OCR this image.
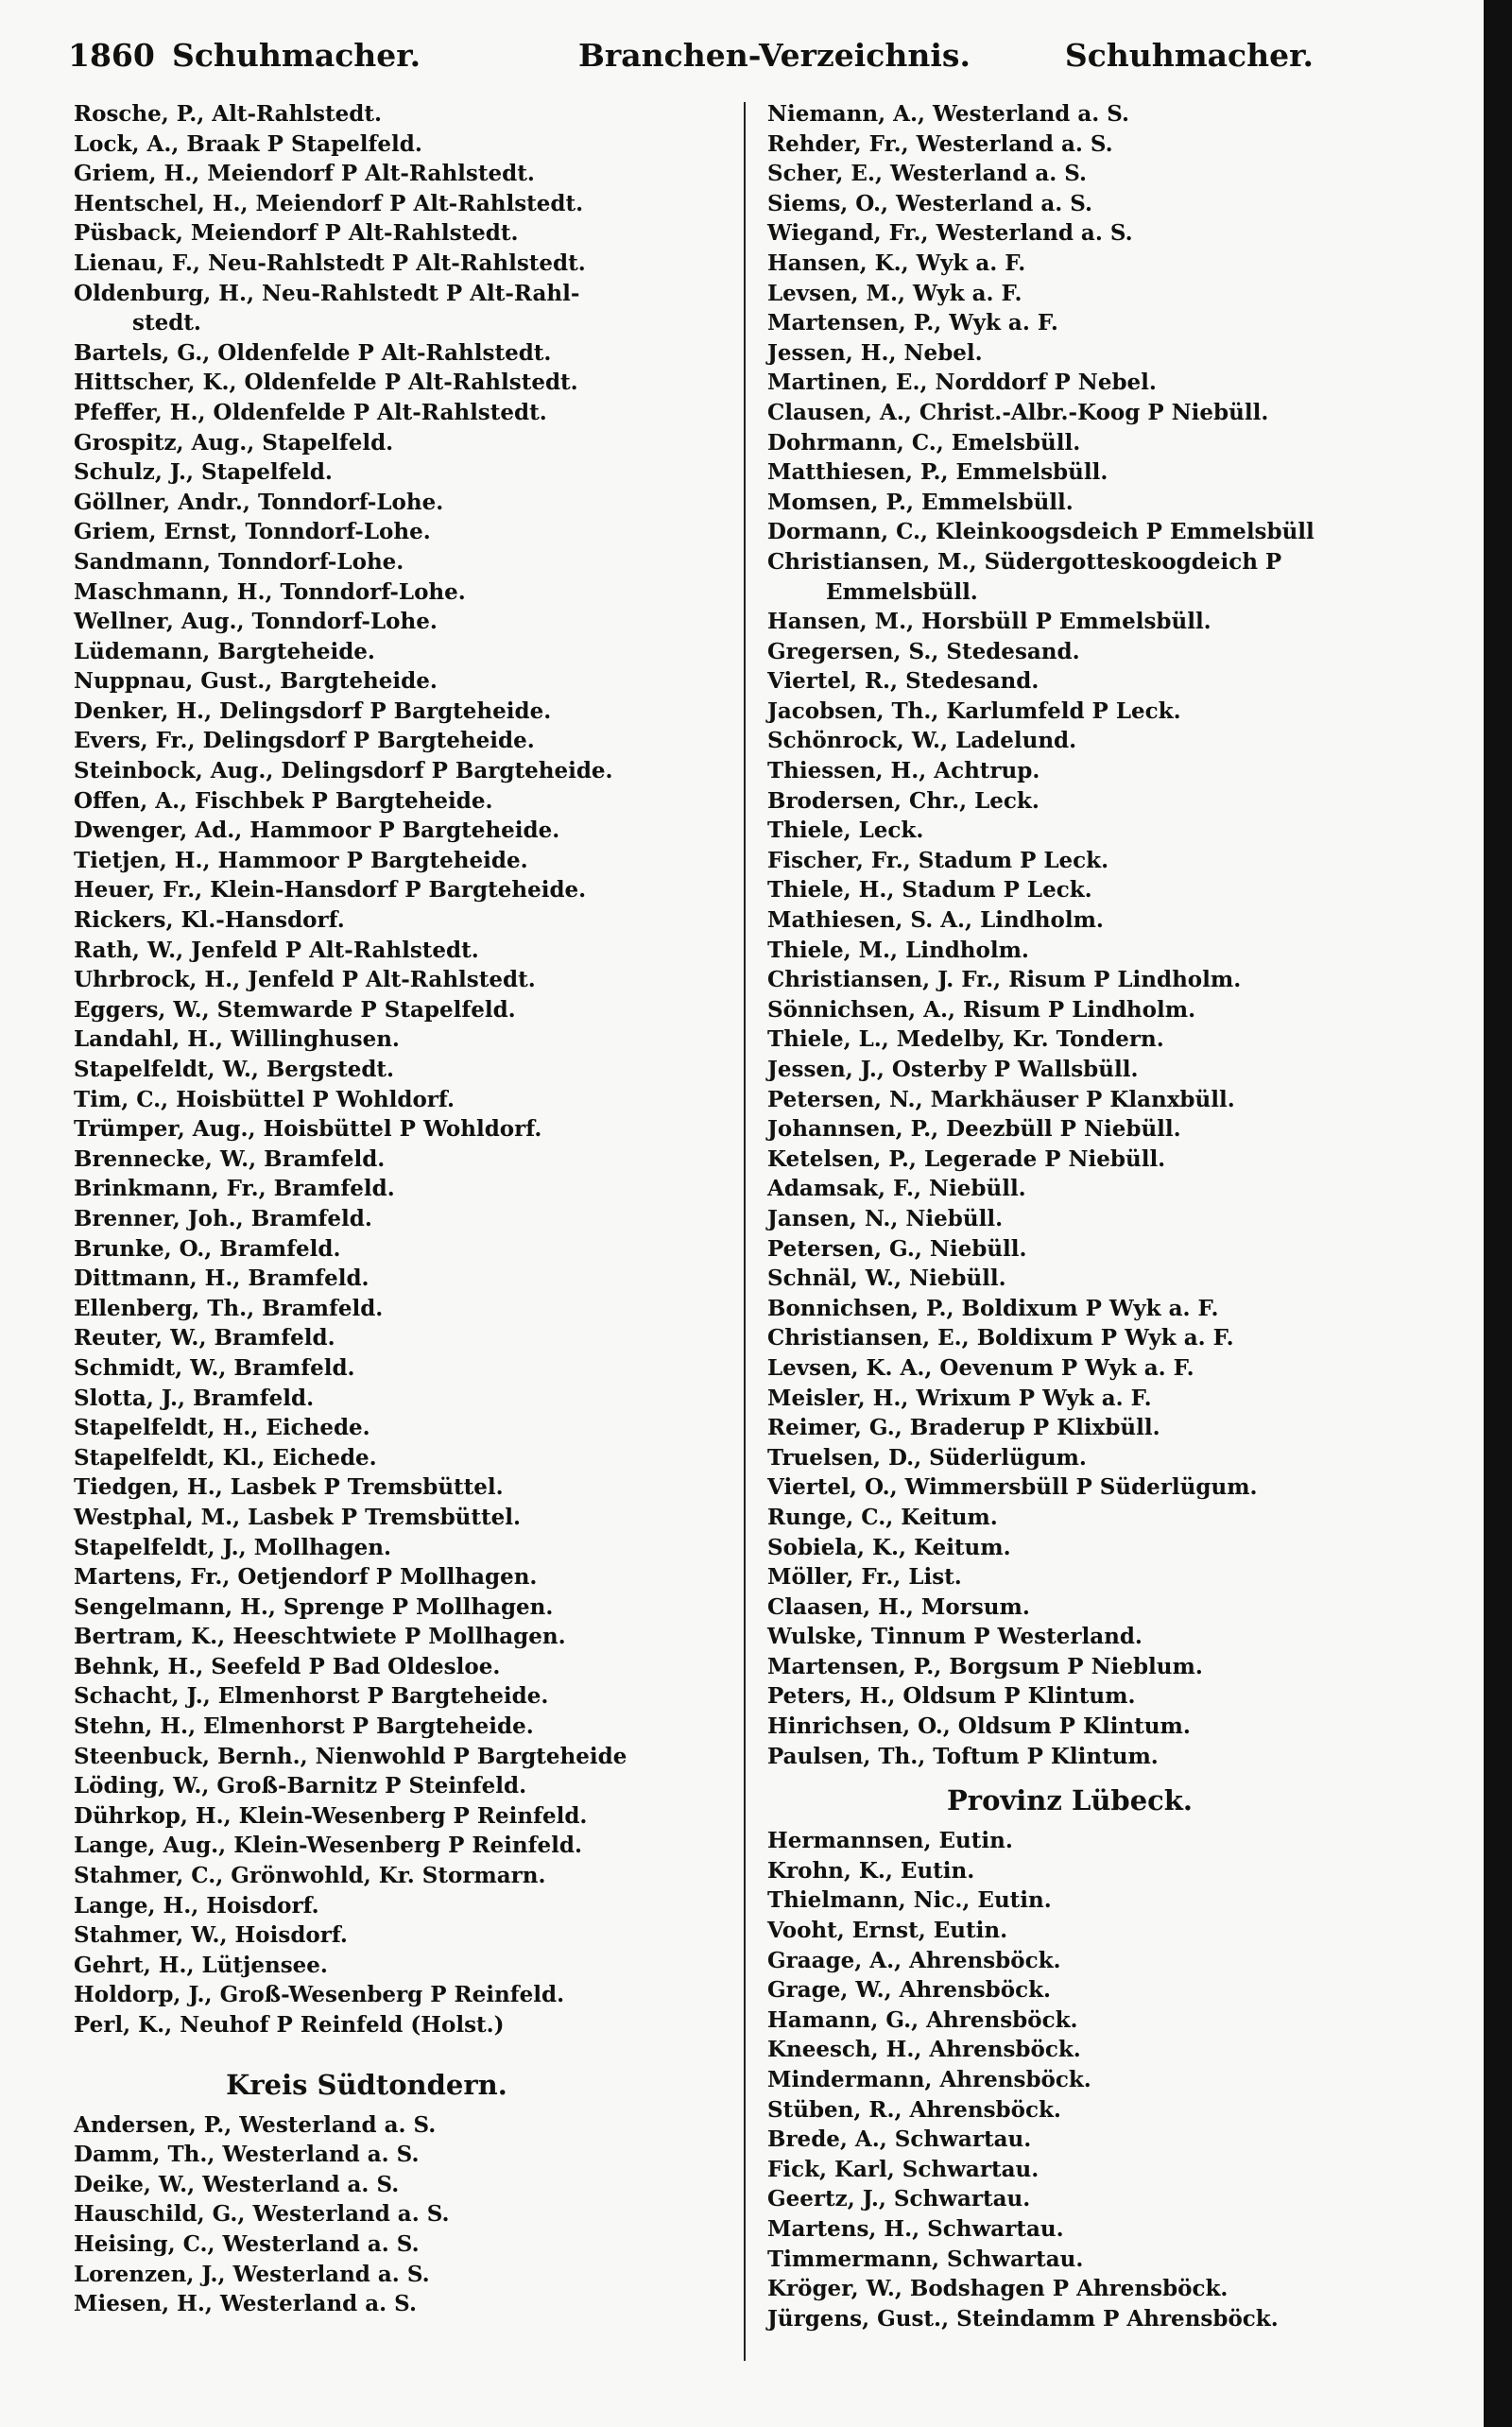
1860 Schuhmacher.	Branchen-Verzeichnis.	Schuhmacher.
Rosche, P., Alt-Rahlstedt.
Lock, A., Braak P Stapelfeld.
Griem, H., Meiendorf P Alt-Rahlstedt.
Hentschel, H., Meiendorf P Alt-Rahlstedt.
Püsback, Meiendorf P Alt-Rahlstedt.
Lienau, F., Neu-Rahlstedt P Alt-Rahlstedt.
Oldenburg, H., Neu-Rahlstedt P Alt-Rahl-
stedt.
Bartels, G., Oldenfelde P Alt-Rahlstedt.
Hittscher, K., Oldenfelde P Alt-Rahlstedt.
Pfeffer, H., Oldenfelde P Alt-Rahlstedt.
Grospitz, Aug., Stapelfeld.
Schulz, J., Stapelfeld.
Göllner, Andr., Tonndorf-Lohe.
Griem, Ernst, Tonndorf-Lohe.
Sandmann, Tonndorf-Lohe.
Maschmann, H., Tonndorf-Lohe.
Wellner, Aug., Tonndorf-Lohe.
Lüdemann, Bargteheide.
Nuppnau, Gust., Bargteheide.
Denker, H., Delingsdorf P Bargteheide.
Evers, Fr., Delingsdorf P Bargteheide.
Steinbock, Aug., Delingsdorf P Bargteheide.
Offen, A., Fischbek P Bargteheide.
Dwenger, Ad., Hammoor P Bargteheide.
Tietjen, H., Hammoor P Bargteheide.
Heuer, Fr., Klein-Hansdorf P Bargteheide.
Rickers, Kl.-Hansdorf.
Rath, W., Jenfeld P Alt-Rahlstedt.
Uhrbrock, H., Jenfeld P Alt-Rahlstedt.
Eggers, W., Stemwarde P Stapelfeld.
Landahl, H., Willinghusen.
Stapelfeldt, W., Bergstedt.
Tim, C., Hoisbüttel P Wohldorf.
Trümper, Aug., Hoisbüttel P Wohldorf.
Brennecke, W., Bramfeld.
Brinkmann, Fr., Bramfeld.
Brenner, Joh., Bramfeld.
Brunke, O., Bramfeld.
Dittmann, H., Bramfeld.
Ellenberg, Th., Bramfeld.
Reuter, W., Bramfeld.
Schmidt, W., Bramfeld.
Slotta, J., Bramfeld.
Stapelfeldt, H., Eichede.
Stapelfeldt, Kl., Eichede.
Tiedgen, H., Lasbek P Tremsbüttel.
Westphal, M., Lasbek P Tremsbüttel.
Stapelfeldt, J., Mollhagen.
Martens, Fr., Oetjendorf P Mollhagen.
Sengelmann, H., Sprenge P Mollhagen.
Bertram, K., Heeschtwiete P Mollhagen.
Behnk, H., Seefeld P Bad Oldesloe.
Schacht, J., Elmenhorst P Bargteheide.
Stehn, H., Elmenhorst P Bargteheide.
Steenbuck, Bernh., Nienwohld P Bargteheide
Löding, W., Groß-Barnitz P Steinfeld.
Dührkop, H., Klein-Wesenberg P Reinfeld.
Lange, Aug., Klein-Wesenberg P Reinfeld.
Stahmer, C., Grönwohld, Kr. Stormarn.
Lange, H., Hoisdorf.
Stahmer, W., Hoisdorf.
Gehrt, H., Lütjensee.
Holdorp, J., Groß-Wesenberg P Reinfeld.
Perl, K., Neuhof P Reinfeld (Holst.)
Kreis Südtondern.
Andersen, P., Westerland a. S.
Damm, Th., Westerland a. S.
Deike, W., Westerland a. S.
Hauschild, G., Westerland a. S.
Heising, C., Westerland a. S.
Lorenzen, J., Westerland a. S.
Miesen, H., Westerland a. S.
Niemann, A., Westerland a. S.
Rehder, Fr., Westerland a. S.
Scher, E., Westerland a. S.
Siems, O., Westerland a. S.
Wiegand, Fr., Westerland a. S.
Hansen, K., Wyk a. F.
Levsen, M., Wyk a. F.
Martensen, P., Wyk a. F.
Jessen, H., Nebel.
Martinen, E., Norddorf P Nebel.
Clausen, A., Christ.-Albr.-Koog P Niebüll.
Dohrmann, C., Emelsbüll.
Matthiesen, P., Emmelsbüll.
Momsen, P., Emmelsbüll.
Dormann, C., Kleinkoogsdeich P Emmelsbüll
Christiansen, M., Südergotteskoogdeich P
Emmelsbüll.
Hansen, M., Horsbüll P Emmelsbüll.
Gregersen, S., Stedesand.
Viertel, R., Stedesand.
Jacobsen, Th., Karlumfeld P Leck.
Schönrock, W., Ladelund.
Thiessen, H., Achtrup.
Brodersen, Chr., Leck.
Thiele, Leck.
Fischer, Fr., Stadum P Leck.
Thiele, H., Stadum P Leck.
Mathiesen, S. A., Lindholm.
Thiele, M., Lindholm.
Christiansen, J. Fr., Risum P Lindholm.
Sönnichsen, A., Risum P Lindholm.
Thiele, L., Medelby, Kr. Tondern.
Jessen, J., Osterby P Wallsbüll.
Petersen, N., Markhäuser P Klanxbüll.
Johannsen, P., Deezbüll P Niebüll.
Ketelsen, P., Legerade P Niebüll.
Adamsak, F., Niebüll.
Jansen, N., Niebüll.
Petersen, G., Niebüll.
Schnäl, W., Niebüll.
Bonnichsen, P., Boldixum P Wyk a. F.
Christiansen, E., Boldixum P Wyk a. F.
Levsen, K. A., Oevenum P Wyk a. F.
Meisler, H., Wrixum P Wyk a. F.
Reimer, G., Braderup P Klixbüll.
Truelsen, D., Süderlügum.
Viertel, O., Wimmersbüll P Süderlügum.
Runge, C., Keitum.
Sobiela, K., Keitum.
Möller, Fr., List.
Claasen, H., Morsum.
Wulske, Tinnum P Westerland.
Martensen, P., Borgsum P Nieblum.
Peters, H., Oldsum P Klintum.
Hinrichsen, O., Oldsum P Klintum.
Paulsen, Th., Toftum P Klintum.
Provinz Lübeck.
Hermannsen, Eutin.
Krohn, K., Eutin.
Thielmann, Nic., Eutin.
Vooht, Ernst, Eutin.
Graage, A., Ahrensböck.
Grage, W., Ahrensböck.
Hamann, G., Ahrensböck.
Kneesch, H., Ahrensböck.
Mindermann, Ahrensböck.
Stüben, R., Ahrensböck.
Brede, A., Schwartau.
Fick, Karl, Schwartau.
Geertz, J., Schwartau.
Martens, H., Schwartau.
Timmermann, Schwartau.
Kröger, W., Bodshagen P Ahrensböck.
Jürgens, Gust., Steindamm P Ahrensböck.
